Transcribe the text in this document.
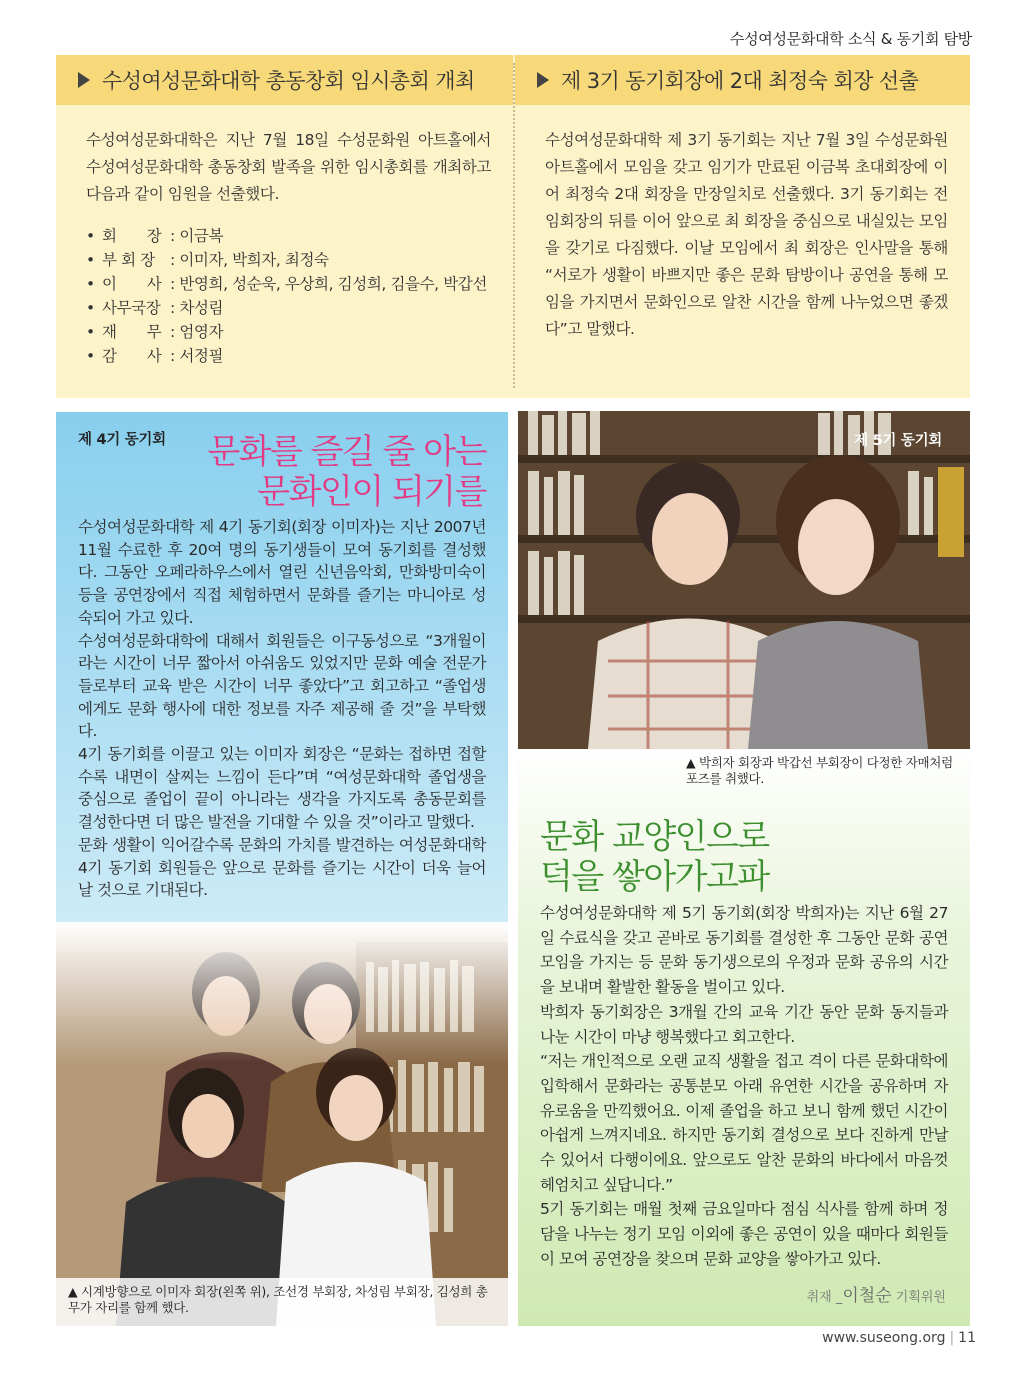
수성여성문화대학 소식 & 동기회 탐방
수성여성문화대학 총동창회 임시총회 개최

수성여성문화대학은 지난 7월 18일 수성문화원 아트홀에서 수성여성문화대학 총동창회 발족을 위한 임시총회를 개최하고 다음과 같이 임원을 선출했다.

• 회　　장 : 이금복
• 부 회 장 : 이미자, 박희자, 최정숙
• 이　　사 : 반영희, 성순욱, 우상희, 김성희, 김을수, 박갑선
• 사무국장 : 차성림
• 재　　무 : 엄영자
• 감　　사 : 서정필
제 3기 동기회장에 2대 최정숙 회장 선출

수성여성문화대학 제 3기 동기회는 지난 7월 3일 수성문화원 아트홀에서 모임을 갖고 임기가 만료된 이금복 초대회장에 이어 최정숙 2대 회장을 만장일치로 선출했다. 3기 동기회는 전 임회장의 뒤를 이어 앞으로 최 회장을 중심으로 내실있는 모임을 갖기로 다짐했다. 이날 모임에서 최 회장은 인사말을 통해 “서로가 생활이 바쁘지만 좋은 문화 탐방이나 공연을 통해 모임을 가지면서 문화인으로 알찬 시간을 함께 나누었으면 좋겠다”고 말했다.

제 4기 동기회 문화를 즐길 줄 아는
문화인이 되기를

수성여성문화대학 제 4기 동기회(회장 이미자)는 지난 2007년 11월 수료한 후 20여 명의 동기생들이 모여 동기회를 결성했다. 그동안 오페라하우스에서 열린 신년음악회, 만화방미숙이 등을 공연장에서 직접 체험하면서 문화를 즐기는 마니아로 성숙되어 가고 있다.

수성여성문화대학에 대해서 회원들은 이구동성으로 “3개월이라는 시간이 너무 짧아서 아쉬움도 있었지만 문화 예술 전문가들로부터 교육 받은 시간이 너무 좋았다”고 회고하고 “졸업생에게도 문화 행사에 대한 정보를 자주 제공해 줄 것”을 부탁했다.

4기 동기회를 이끌고 있는 이미자 회장은 “문화는 접하면 접할수록 내면이 살찌는 느낌이 든다”며 “여성문화대학 졸업생을 중심으로 졸업이 끝이 아니라는 생각을 가지도록 총동문회를 결성한다면 더 많은 발전을 기대할 수 있을 것”이라고 말했다.

문화 생활이 익어갈수록 문화의 가치를 발견하는 여성문화대학 4기 동기회 회원들은 앞으로 문화를 즐기는 시간이 더욱 늘어날 것으로 기대된다.

▲ 시계방향으로 이미자 회장(왼쪽 위), 조선경 부회장, 차성림 부회장, 김성희 총무가 자리를 함께 했다.
제 5기 동기회
▲ 박희자 회장과 박갑선 부회장이 다정한 자매처럼 포즈를 취했다.
문화 교양인으로
덕을 쌓아가고파

수성여성문화대학 제 5기 동기회(회장 박희자)는 지난 6월 27일 수료식을 갖고 곧바로 동기회를 결성한 후 그동안 문화 공연 모임을 가지는 등 문화 동기생으로의 우정과 문화 공유의 시간을 보내며 활발한 활동을 벌이고 있다.

박희자 동기회장은 3개월 간의 교육 기간 동안 문화 동지들과 나눈 시간이 마냥 행복했다고 회고한다.

“저는 개인적으로 오랜 교직 생활을 접고 격이 다른 문화대학에 입학해서 문화라는 공통분모 아래 유연한 시간을 공유하며 자유로움을 만끽했어요. 이제 졸업을 하고 보니 함께 했던 시간이 아쉽게 느껴지네요. 하지만 동기회 결성으로 보다 진하게 만날 수 있어서 다행이에요. 앞으로도 알찬 문화의 바다에서 마음껏 헤엄치고 싶답니다.”

5기 동기회는 매월 첫째 금요일마다 점심 식사를 함께 하며 정담을 나누는 정기 모임 이외에 좋은 공연이 있을 때마다 회원들이 모여 공연장을 찾으며 문화 교양을 쌓아가고 있다.

취재 _이철순 기획위원
www.suseong.org | 11
